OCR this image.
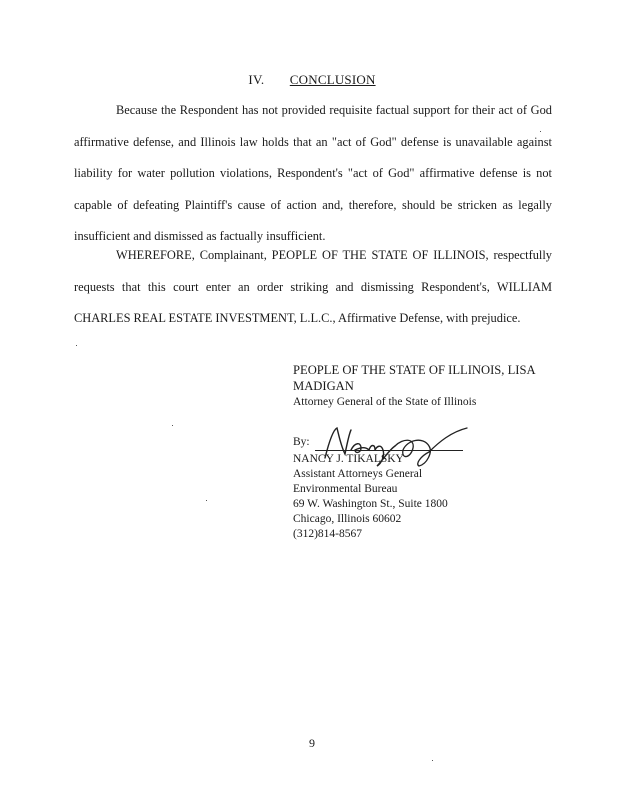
IV. CONCLUSION

Because the Respondent has not provided requisite factual support for their act of God affirmative defense, and Illinois law holds that an "act of God" defense is unavailable against liability for water pollution violations, Respondent's "act of God" affirmative defense is not capable of defeating Plaintiff's cause of action and, therefore, should be stricken as legally insufficient and dismissed as factually insufficient.

WHEREFORE, Complainant, PEOPLE OF THE STATE OF ILLINOIS, respectfully requests that this court enter an order striking and dismissing Respondent's, WILLIAM CHARLES REAL ESTATE INVESTMENT, L.L.C., Affirmative Defense, with prejudice.

PEOPLE OF THE STATE OF ILLINOIS, LISA MADIGAN
Attorney General of the State of Illinois
By:
NANCY J. TIKALSKY
Assistant Attorneys General
Environmental Bureau
69 W. Washington St., Suite 1800
Chicago, Illinois 60602
(312)814-8567
9
